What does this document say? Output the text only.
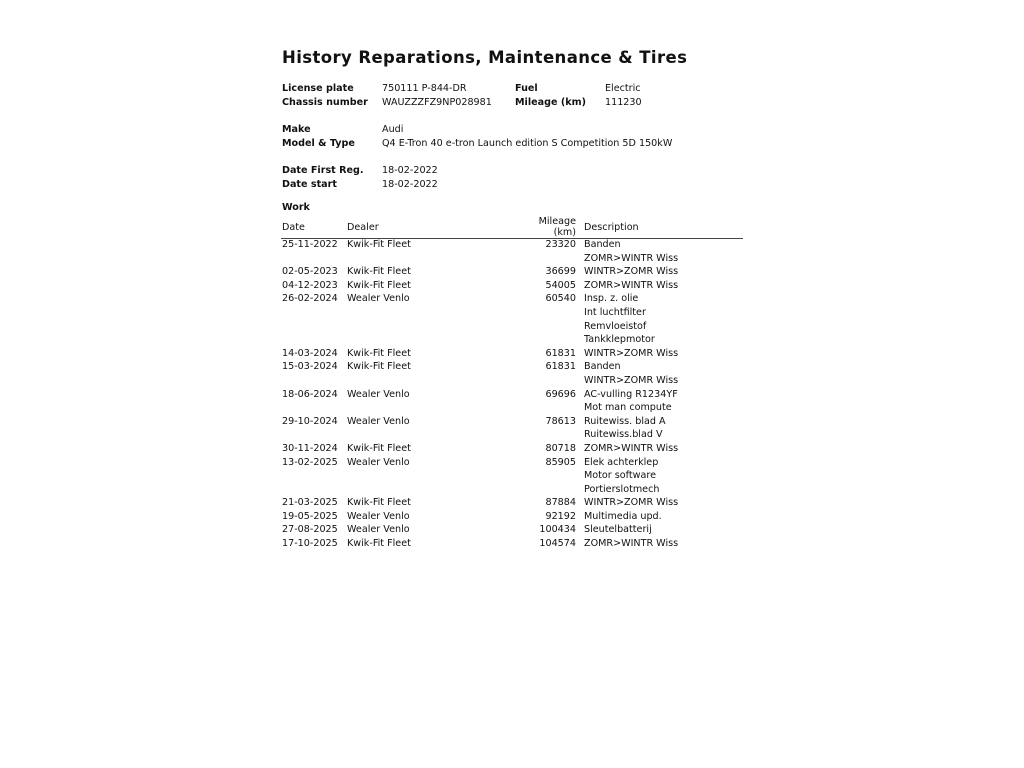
History Reparations, Maintenance & Tires
License plate	750111 P-844-DR	Fuel	Electric
Chassis number WAUZZZFZ9NP028981 Mileage (km) 111230
Make	Audi
Model & Type	Q4 E-Tron 40 e-tron Launch edition S Competition 5D 150kW
Date First Reg. 18-02-2022
Date start	18-02-2022
Work
Date	Dealer	Mileage (km)	Description
25-11-2022	Kwik-Fit Fleet	23320	Banden
			ZOMR>WINTR Wiss
02-05-2023	Kwik-Fit Fleet	36699	WINTR>ZOMR Wiss
04-12-2023	Kwik-Fit Fleet	54005	ZOMR>WINTR Wiss
26-02-2024	Wealer Venlo	60540	Insp. z. olie
			Int luchtfilter
			Remvloeistof
			Tankklepmotor
14-03-2024	Kwik-Fit Fleet	61831	WINTR>ZOMR Wiss
15-03-2024	Kwik-Fit Fleet	61831	Banden
			WINTR>ZOMR Wiss
18-06-2024	Wealer Venlo	69696	AC-vulling R1234YF
			Mot man compute
29-10-2024	Wealer Venlo	78613	Ruitewiss. blad A
			Ruitewiss.blad V
30-11-2024	Kwik-Fit Fleet	80718	ZOMR>WINTR Wiss
13-02-2025	Wealer Venlo	85905	Elek achterklep
			Motor software
			Portierslotmech
21-03-2025	Kwik-Fit Fleet	87884	WINTR>ZOMR Wiss
19-05-2025	Wealer Venlo	92192	Multimedia upd.
27-08-2025	Wealer Venlo	100434	Sleutelbatterij
17-10-2025	Kwik-Fit Fleet	104574	ZOMR>WINTR Wiss
